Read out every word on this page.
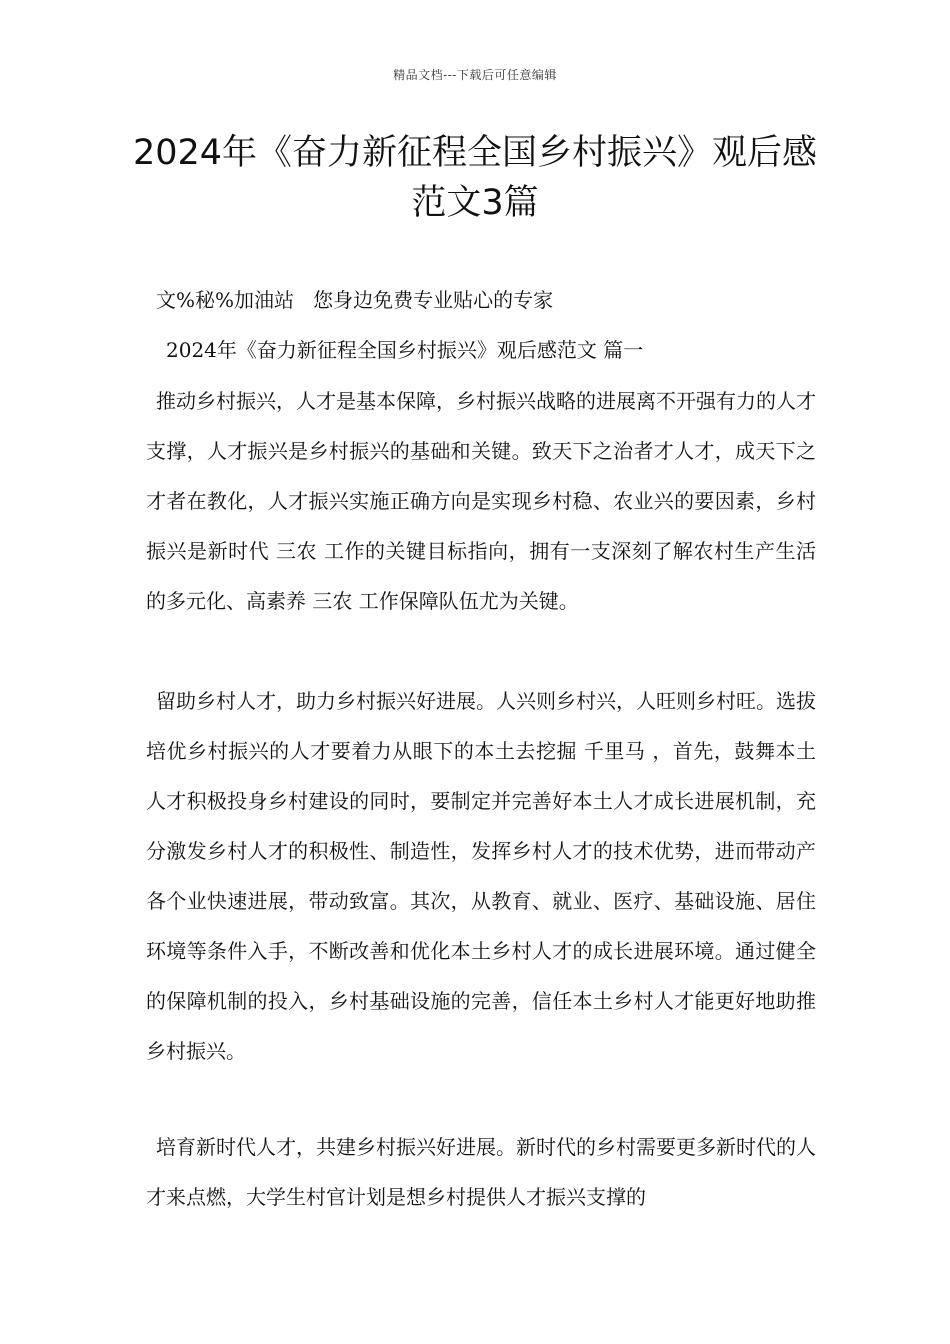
精品文档---下载后可任意编辑
2024年《奋力新征程全国乡村振兴》观后感范文3篇
文%秘%加油站   您身边免费专业贴心的专家
2024年《奋力新征程全国乡村振兴》观后感范文 篇一

推动乡村振兴，人才是基本保障，乡村振兴战略的进展离不开强有力的人才支撑，人才振兴是乡村振兴的基础和关键。致天下之治者才人才，成天下之才者在教化，人才振兴实施正确方向是实现乡村稳、农业兴的要因素，乡村振兴是新时代 三农 工作的关键目标指向，拥有一支深刻了解农村生产生活的多元化、高素养 三农 工作保障队伍尤为关键。

留助乡村人才，助力乡村振兴好进展。人兴则乡村兴，人旺则乡村旺。选拔培优乡村振兴的人才要着力从眼下的本土去挖掘 千里马 ，首先，鼓舞本土人才积极投身乡村建设的同时，要制定并完善好本土人才成长进展机制，充分激发乡村人才的积极性、制造性，发挥乡村人才的技术优势，进而带动产各个业快速进展，带动致富。其次，从教育、就业、医疗、基础设施、居住环境等条件入手，不断改善和优化本土乡村人才的成长进展环境。通过健全的保障机制的投入，乡村基础设施的完善，信任本土乡村人才能更好地助推乡村振兴。

培育新时代人才，共建乡村振兴好进展。新时代的乡村需要更多新时代的人才来点燃，大学生村官计划是想乡村提供人才振兴支撑的
